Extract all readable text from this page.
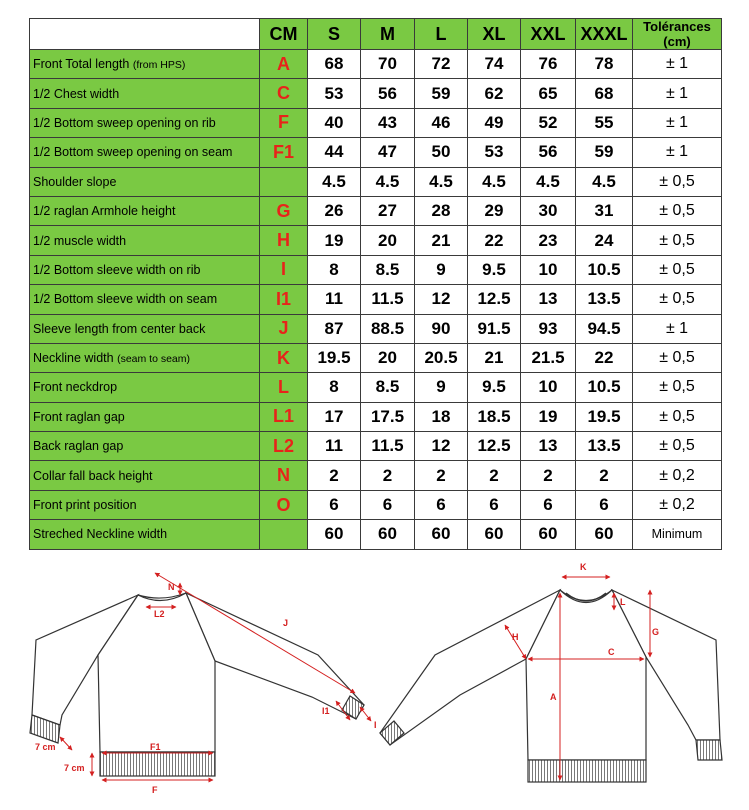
	CM	S	M	L	XL	XXL	XXXL	Tolérances
(cm)
Front Total length (from HPS)	A	68	70	72	74	76	78	± 1
1/2 Chest width	C	53	56	59	62	65	68	± 1
1/2 Bottom sweep opening on rib	F	40	43	46	49	52	55	± 1
1/2 Bottom sweep opening on seam	F1	44	47	50	53	56	59	± 1
Shoulder slope		4.5	4.5	4.5	4.5	4.5	4.5	± 0,5
1/2 raglan Armhole height	G	26	27	28	29	30	31	± 0,5
1/2 muscle width	H	19	20	21	22	23	24	± 0,5
1/2 Bottom sleeve width on rib	I	8	8.5	9	9.5	10	10.5	± 0,5
1/2 Bottom sleeve width on seam	I1	11	11.5	12	12.5	13	13.5	± 0,5
Sleeve length from center back	J	87	88.5	90	91.5	93	94.5	± 1
Neckline width (seam to seam)	K	19.5	20	20.5	21	21.5	22	± 0,5
Front neckdrop	L	8	8.5	9	9.5	10	10.5	± 0,5
Front raglan gap	L1	17	17.5	18	18.5	19	19.5	± 0,5
Back raglan gap	L2	11	11.5	12	12.5	13	13.5	± 0,5
Collar fall back height	N	2	2	2	2	2	2	± 0,2
Front print position	O	6	6	6	6	6	6	± 0,2
Streched Neckline width		60	60	60	60	60	60	Minimum
N
L2
J
I1
I
F1
F
7 cm
7 cm
K
L
G
H
C
A
